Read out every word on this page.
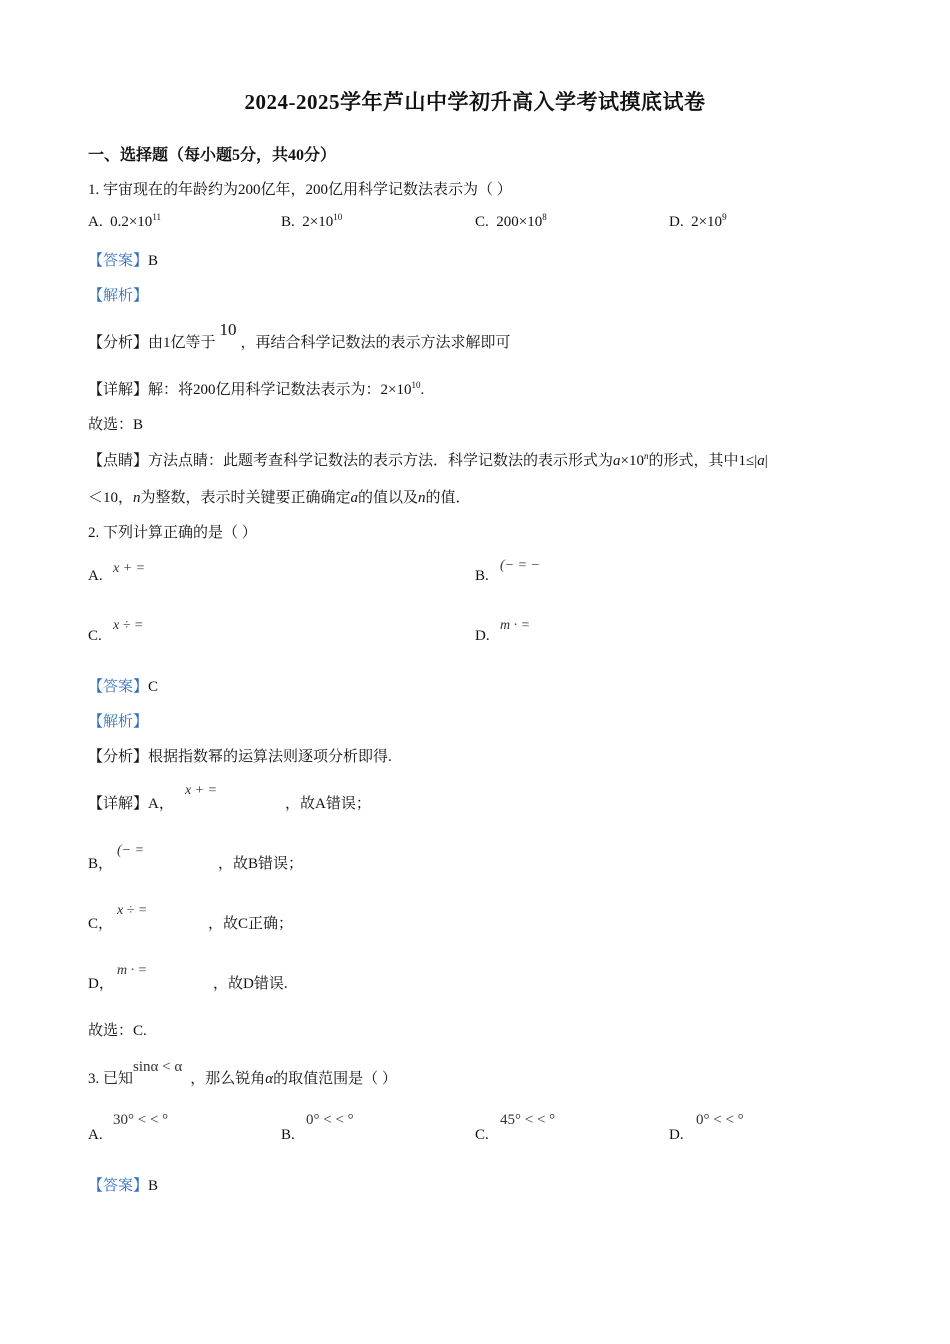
2024-2025学年芦山中学初升高入学考试摸底试卷
一、选择题（每小题5分，共40分）
1. 宇宙现在的年龄约为200亿年，200亿用科学记数法表示为（ ）
A. $0.2\times 10^{11}$	B. $2\times 10^{10}$	C. $200\times 10^8$	D. $2\times 10^9$
【答案】B
【解析】
【分析】由1亿等于10，再结合科学记数法的表示方法求解即可
【详解】解：将200亿用科学记数法表示为：$2\times 10^{10}$.
故选：B
【点睛】方法点睛：此题考查科学记数法的表示方法．科学记数法的表示形式为$a\times 10^n$的形式，其中1≤|a|
＜10，n为整数，表示时关键要正确确定a的值以及n的值．
2. 下列计算正确的是（ ）
A. x + =	B.
(− = −
C.
x ÷ =
D.
m · =
【答案】C
【解析】
【分析】根据指数幂的运算法则逐项分析即得.
【详解】A，
x + =
，故A错误；
B，
(− =
，故B错误；
C，
x ÷ =
，故C正确；
D，
m · =
，故D错误.
故选：C.
3. 已知sinα < α，那么锐角α的取值范围是（ ）
A.
30° < < °
B.
0° < < °
C.
45° < < °
D.
0° < < °
【答案】B
